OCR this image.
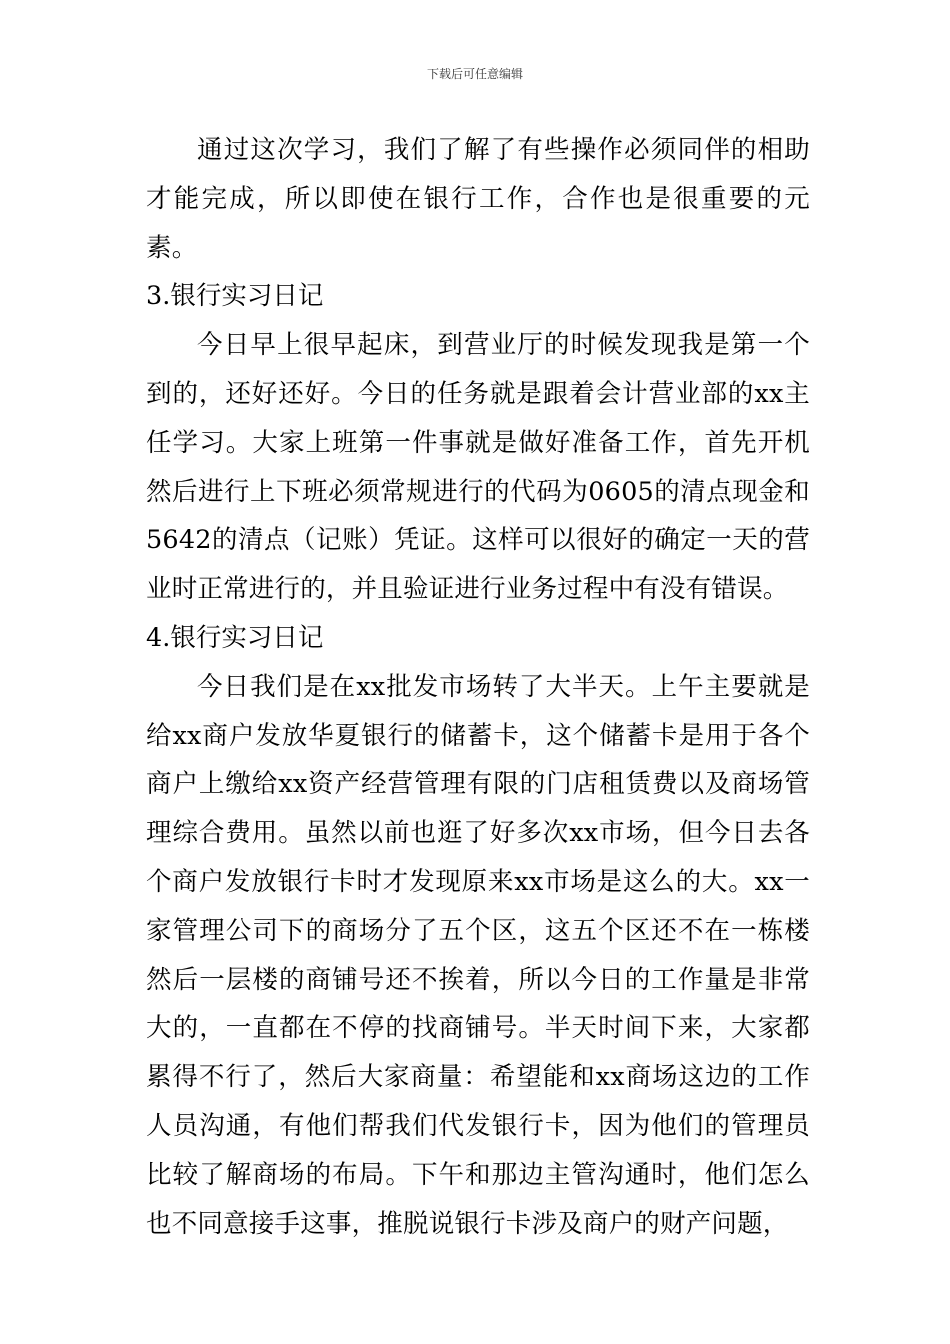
下载后可任意编辑

通过这次学习，我们了解了有些操作必须同伴的相助才能完成，所以即使在银行工作，合作也是很重要的元素。

3.银行实习日记

今日早上很早起床，到营业厅的时候发现我是第一个到的，还好还好。今日的任务就是跟着会计营业部的xx主任学习。大家上班第一件事就是做好准备工作，首先开机然后进行上下班必须常规进行的代码为0605的清点现金和5642的清点（记账）凭证。这样可以很好的确定一天的营业时正常进行的，并且验证进行业务过程中有没有错误。

4.银行实习日记

今日我们是在xx批发市场转了大半天。上午主要就是给xx商户发放华夏银行的储蓄卡，这个储蓄卡是用于各个商户上缴给xx资产经营管理有限的门店租赁费以及商场管理综合费用。虽然以前也逛了好多次xx市场，但今日去各个商户发放银行卡时才发现原来xx市场是这么的大。xx一家管理公司下的商场分了五个区，这五个区还不在一栋楼然后一层楼的商铺号还不挨着，所以今日的工作量是非常大的，一直都在不停的找商铺号。半天时间下来，大家都累得不行了，然后大家商量：希望能和xx商场这边的工作人员沟通，有他们帮我们代发银行卡，因为他们的管理员比较了解商场的布局。下午和那边主管沟通时，他们怎么也不同意接手这事，推脱说银行卡涉及商户的财产问题，
